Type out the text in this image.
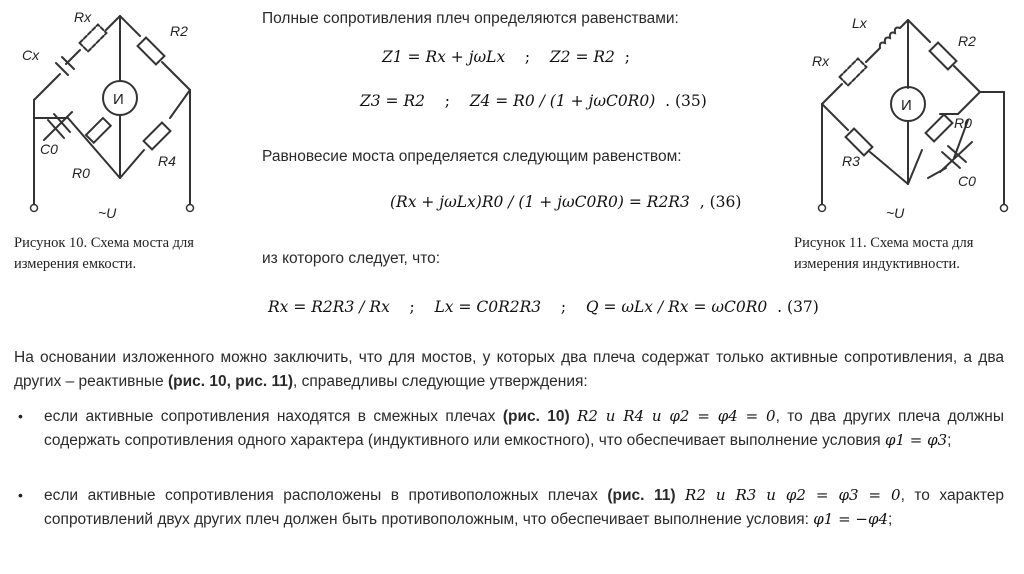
Rx
Cx
R2
И
C0
R0
R4
~U
Рисунок 10. Схема моста для
измерения емкости.
Lx
Rx
R2
И
R3
R0
C0
~U
Рисунок 11. Схема моста для
измерения индуктивности.
Полные сопротивления плеч определяются равенствами:
Z1 = Rx + jωLx    ;    Z2 = R2  ;
Z3 = R2    ;    Z4 = R0 / (1 + jωC0R0)  . (35)
Равновесие моста определяется следующим равенством:
(Rx + jωLx)R0 / (1 + jωC0R0) = R2R3  , (36)
из которого следует, что:
Rx = R2R3 / Rx    ;    Lx = C0R2R3    ;    Q = ωLx / Rx = ωC0R0  . (37)
На основании изложенного можно заключить, что для мостов, у которых два плеча содержат только активные сопротивления, а два других – реактивные (рис. 10, рис. 11), справедливы следующие утверждения:
• если активные сопротивления находятся в смежных плечах (рис. 10) R2 и R4 и φ2 = φ4 = 0, то два других плеча должны содержать сопротивления одного характера (индуктивного или емкостного), что обеспечивает выполнение условия φ1 = φ3;
• если активные сопротивления расположены в противоположных плечах (рис. 11) R2 и R3 и φ2 = φ3 = 0, то характер сопротивлений двух других плеч должен быть противоположным, что обеспечивает выполнение условия: φ1 = −φ4;
